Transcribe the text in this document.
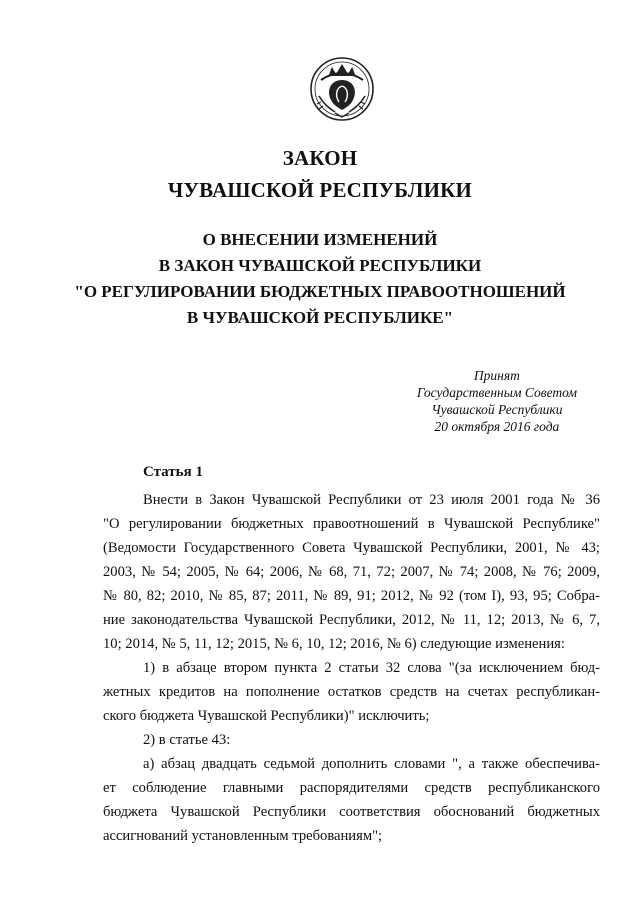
ЗАКОН
ЧУВАШСКОЙ РЕСПУБЛИКИ
О ВНЕСЕНИИ ИЗМЕНЕНИЙ
В ЗАКОН ЧУВАШСКОЙ РЕСПУБЛИКИ
"О РЕГУЛИРОВАНИИ БЮДЖЕТНЫХ ПРАВООТНОШЕНИЙ
В ЧУВАШСКОЙ РЕСПУБЛИКЕ"
Принят
Государственным Советом
Чувашской Республики
20 октября 2016 года
Статья 1
Внести в Закон Чувашской Республики от 23 июля 2001 года № 36
"О регулировании бюджетных правоотношений в Чувашской Республике"
(Ведомости Государственного Совета Чувашской Республики, 2001, № 43;
2003, № 54; 2005, № 64; 2006, № 68, 71, 72; 2007, № 74; 2008, № 76; 2009,
№ 80, 82; 2010, № 85, 87; 2011, № 89, 91; 2012, № 92 (том I), 93, 95; Собра-
ние законодательства Чувашской Республики, 2012, № 11, 12; 2013, № 6, 7,
10; 2014, № 5, 11, 12; 2015, № 6, 10, 12; 2016, № 6) следующие изменения:
1) в абзаце втором пункта 2 статьи 32 слова "(за исключением бюд-
жетных кредитов на пополнение остатков средств на счетах республикан-
ского бюджета Чувашской Республики)" исключить;
2) в статье 43:
а) абзац двадцать седьмой дополнить словами ", а также обеспечива-
ет соблюдение главными распорядителями средств республиканского
бюджета Чувашской Республики соответствия обоснований бюджетных
ассигнований установленным требованиям";
